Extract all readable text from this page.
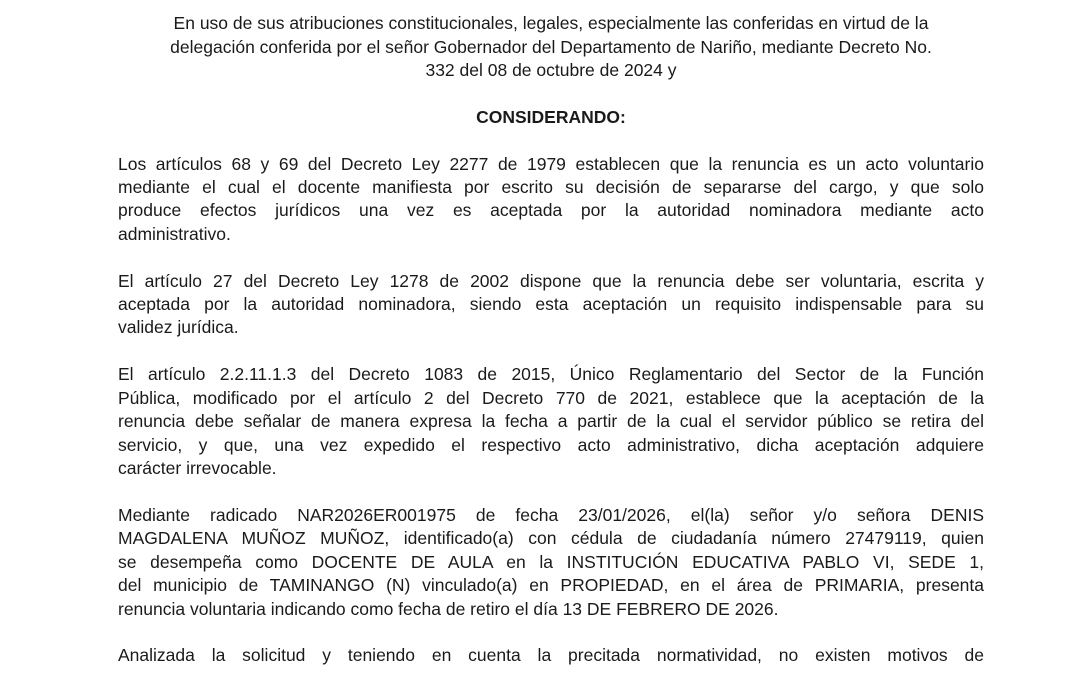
En uso de sus atribuciones constitucionales, legales, especialmente las conferidas en virtud de la
delegación conferida por el señor Gobernador del Departamento de Nariño, mediante Decreto No.
332 del 08 de octubre de 2024 y

CONSIDERANDO:
Los artículos 68 y 69 del Decreto Ley 2277 de 1979 establecen que la renuncia es un acto voluntario
mediante el cual el docente manifiesta por escrito su decisión de separarse del cargo, y que solo
produce efectos jurídicos una vez es aceptada por la autoridad nominadora mediante acto
administrativo.
El artículo 27 del Decreto Ley 1278 de 2002 dispone que la renuncia debe ser voluntaria, escrita y
aceptada por la autoridad nominadora, siendo esta aceptación un requisito indispensable para su
validez jurídica.
El artículo 2.2.11.1.3 del Decreto 1083 de 2015, Único Reglamentario del Sector de la Función
Pública, modificado por el artículo 2 del Decreto 770 de 2021, establece que la aceptación de la
renuncia debe señalar de manera expresa la fecha a partir de la cual el servidor público se retira del
servicio, y que, una vez expedido el respectivo acto administrativo, dicha aceptación adquiere
carácter irrevocable.
Mediante radicado NAR2026ER001975 de fecha 23/01/2026, el(la) señor y/o señora DENIS
MAGDALENA MUÑOZ MUÑOZ, identificado(a) con cédula de ciudadanía número 27479119, quien
se desempeña como DOCENTE DE AULA en la INSTITUCIÓN EDUCATIVA PABLO VI, SEDE 1,
del municipio de TAMINANGO (N) vinculado(a) en PROPIEDAD, en el área de PRIMARIA, presenta
renuncia voluntaria indicando como fecha de retiro el día 13 DE FEBRERO DE 2026.
Analizada la solicitud y teniendo en cuenta la precitada normatividad, no existen motivos de
